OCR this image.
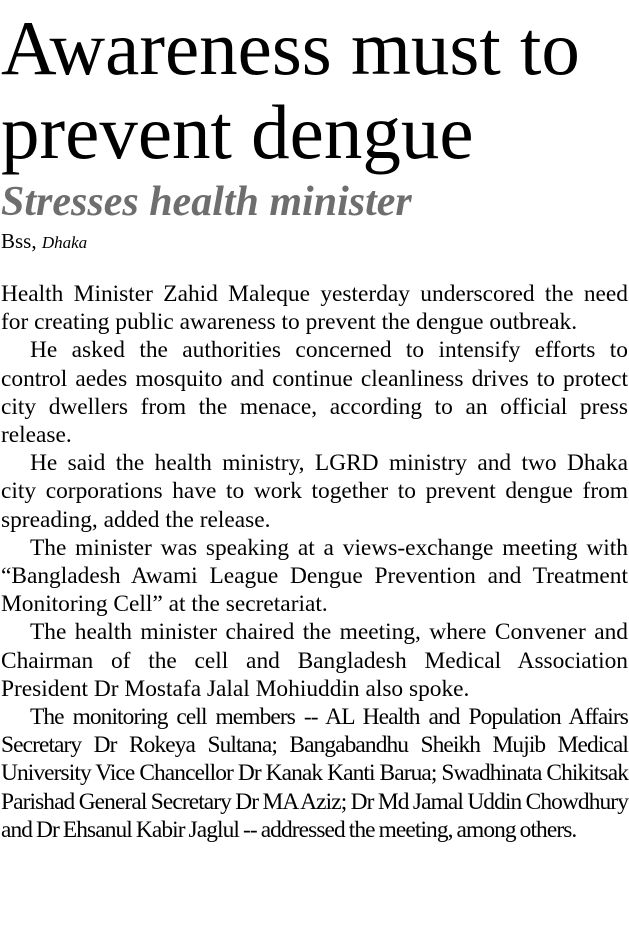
Awareness must to
prevent dengue
Stresses health minister
Bss, Dhaka

Health Minister Zahid Maleque yesterday underscored the need for creating public awareness to prevent the dengue outbreak.

He asked the authorities concerned to intensify efforts to control aedes mosquito and continue cleanliness drives to protect city dwellers from the menace, according to an official press release.

He said the health ministry, LGRD ministry and two Dhaka city corporations have to work together to prevent dengue from spreading, added the release.

The minister was speaking at a views-exchange meeting with “Bangladesh Awami League Dengue Prevention and Treatment Monitoring Cell” at the secretariat.

The health minister chaired the meeting, where Convener and Chairman of the cell and Bangladesh Medical Association President Dr Mostafa Jalal Mohiuddin also spoke.

The monitoring cell members -- AL Health and Population Affairs Secretary Dr Rokeya Sultana; Bangabandhu Sheikh Mujib Medical University Vice Chancellor Dr Kanak Kanti Barua; Swadhinata Chikitsak Parishad General Secretary Dr MA Aziz; Dr Md Jamal Uddin Chowdhury and Dr Ehsanul Kabir Jaglul -- addressed the meeting, among others.
